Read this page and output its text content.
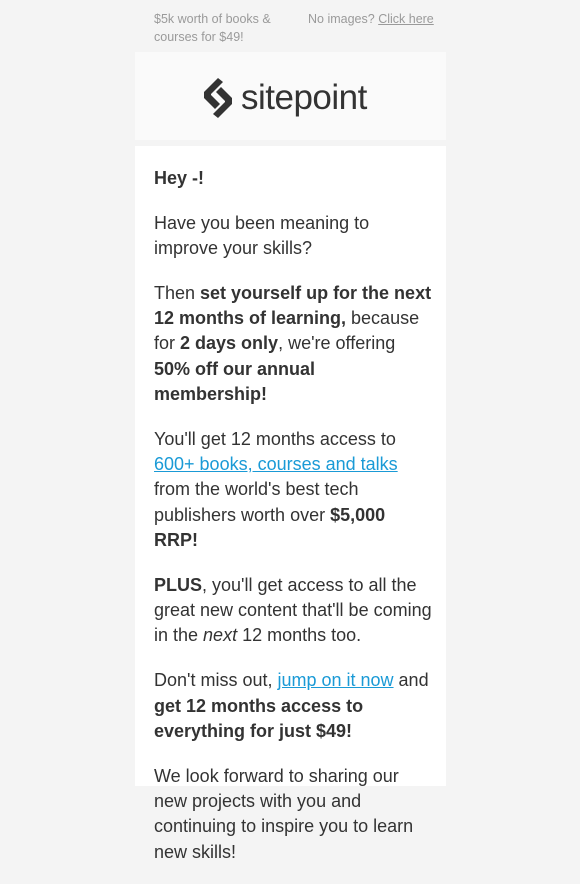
$5k worth of books & courses for $49!
No images? Click here
sitepoint

Hey -!

Have you been meaning to improve your skills?

Then set yourself up for the next 12 months of learning, because for 2 days only, we're offering 50% off our annual membership!

You'll get 12 months access to 600+ books, courses and talks from the world's best tech publishers worth over $5,000 RRP!

PLUS, you'll get access to all the great new content that'll be coming in the next 12 months too.

Don't miss out, jump on it now and get 12 months access to everything for just $49!

We look forward to sharing our new projects with you and continuing to inspire you to learn new skills!
